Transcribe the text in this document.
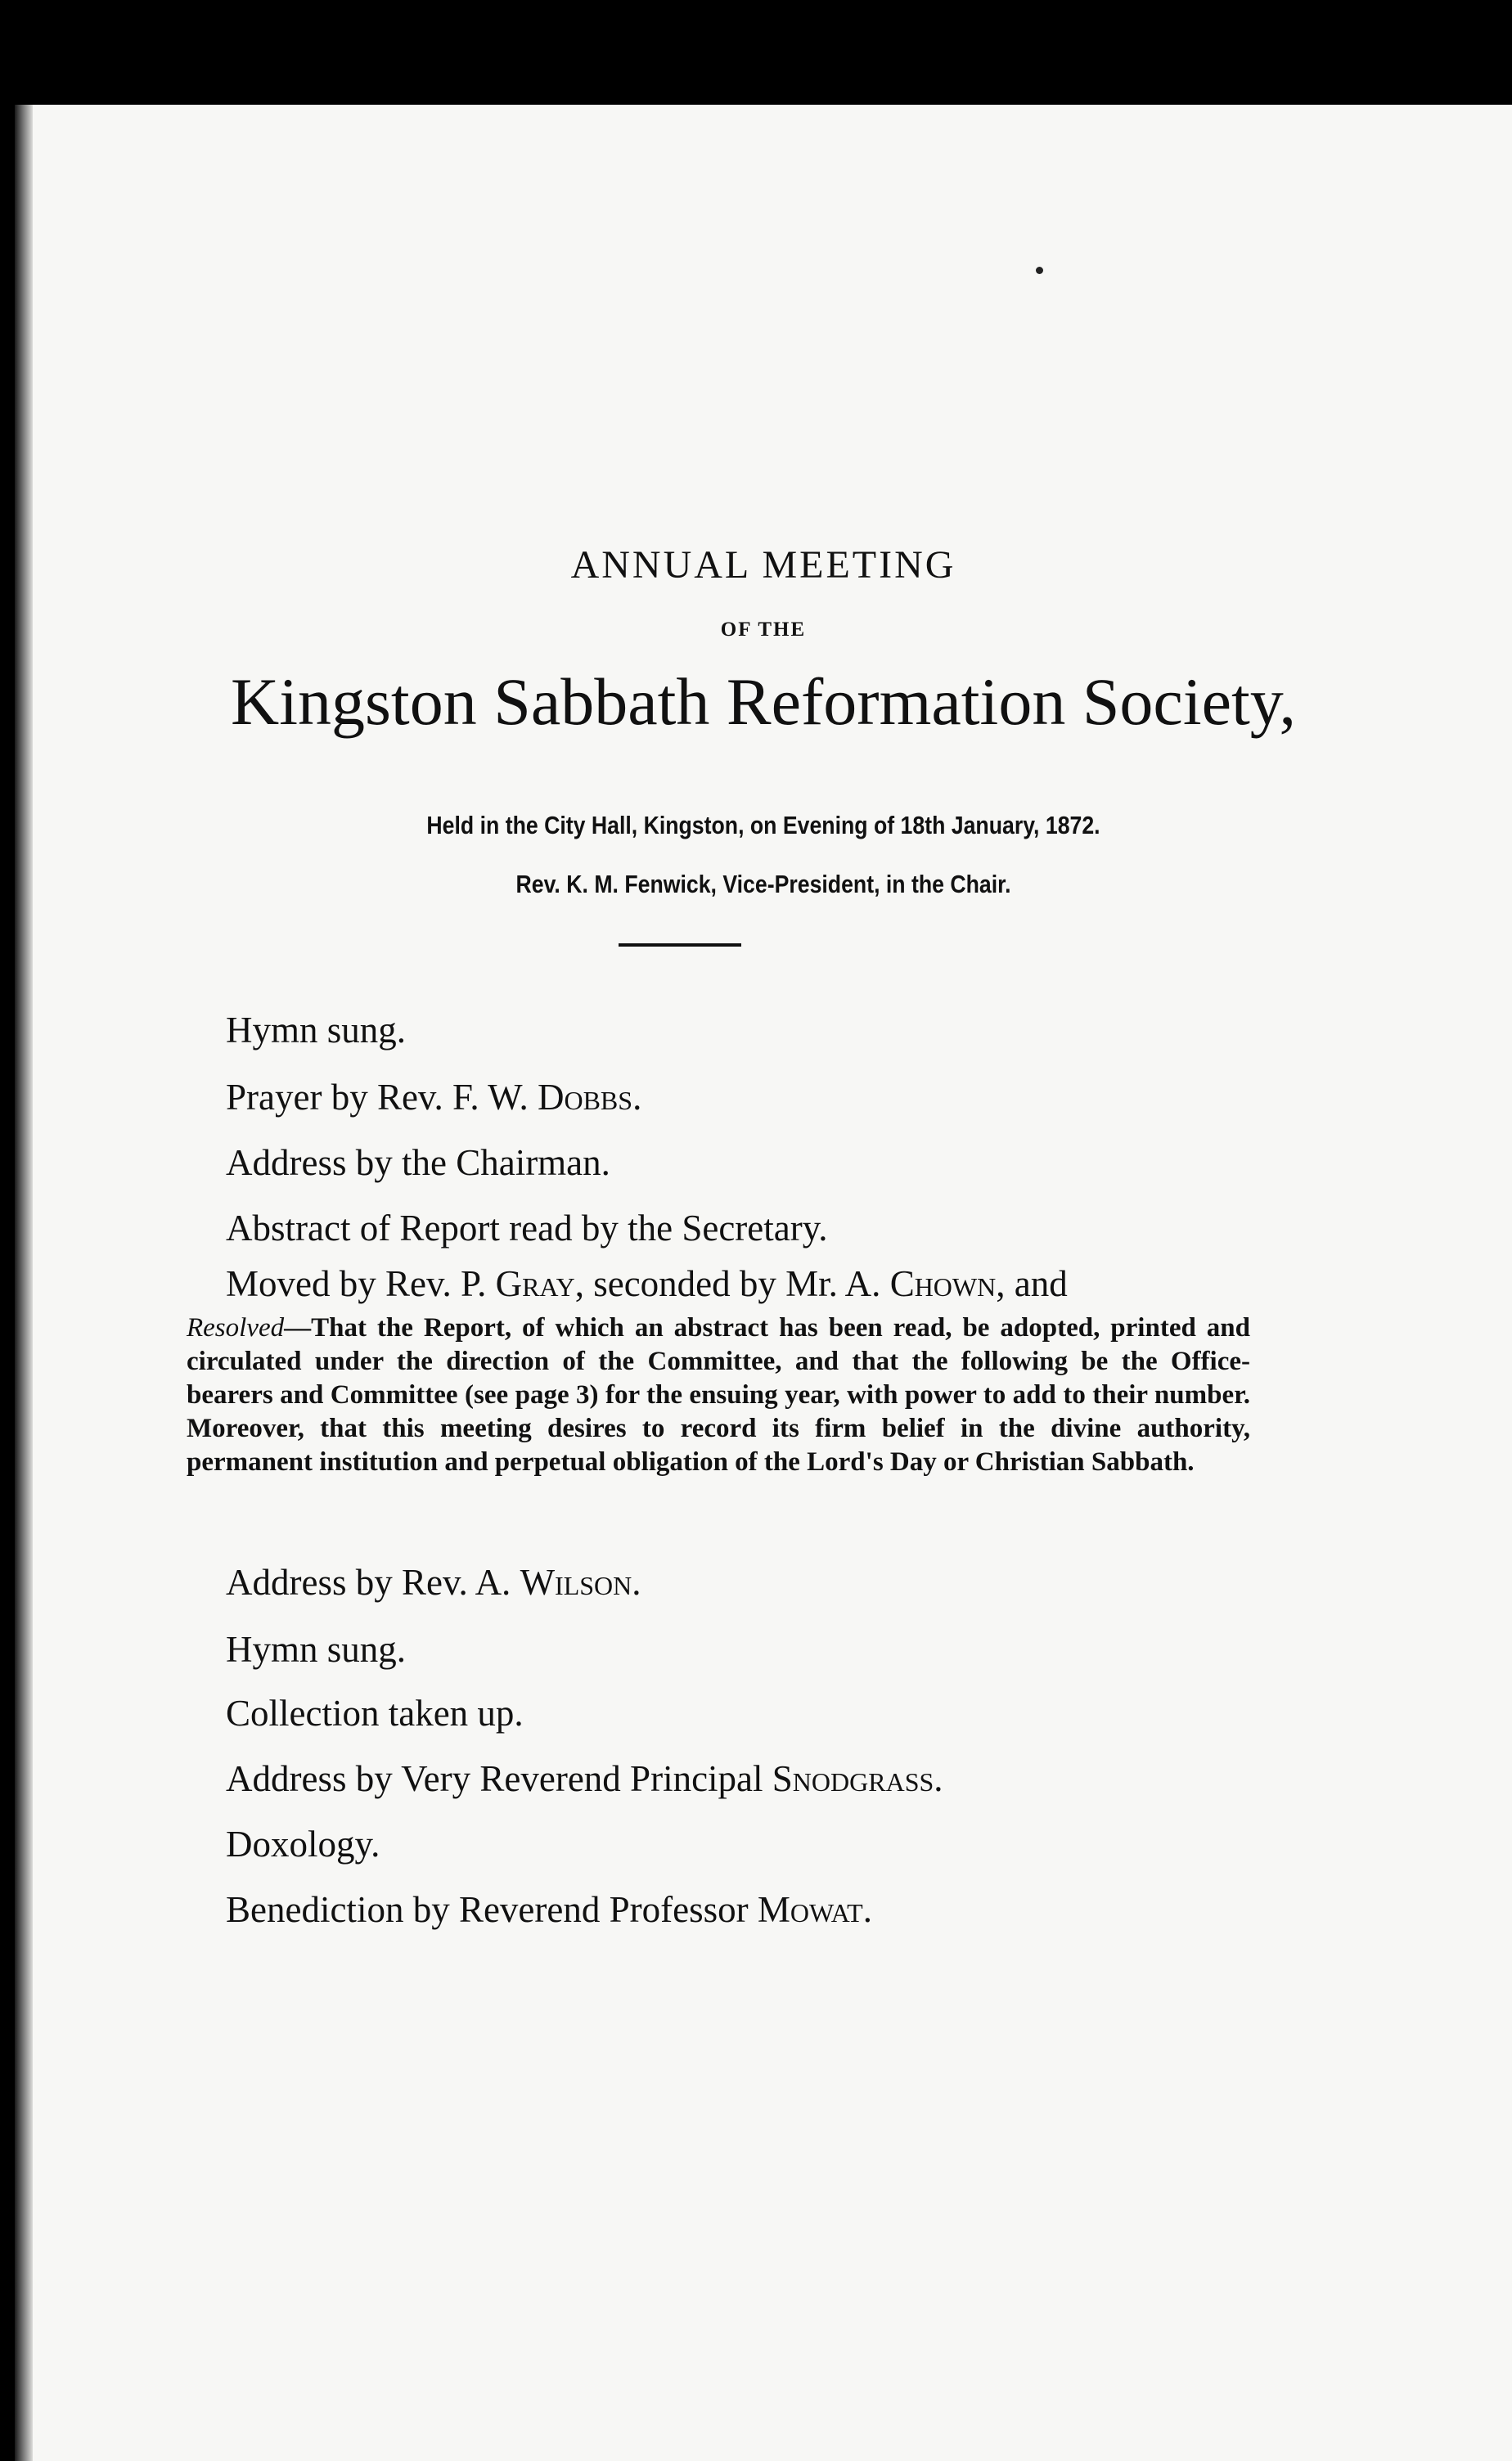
ANNUAL MEETING
OF THE
Kingston Sabbath Reformation Society,
Held in the City Hall, Kingston, on Evening of 18th January, 1872.
Rev. K. M. Fenwick, Vice-President, in the Chair.
Hymn sung.
Prayer by Rev. F. W. Dobbs.
Address by the Chairman.
Abstract of Report read by the Secretary.
Moved by Rev. P. Gray, seconded by Mr. A. Chown, and
Resolved—That the Report, of which an abstract has been read, be adopted, printed and circulated under the direction of the Committee, and that the following be the Office-bearers and Committee (see page 3) for the ensuing year, with power to add to their number. Moreover, that this meeting desires to record its firm belief in the divine authority, permanent institution and perpetual obligation of the Lord's Day or Christian Sabbath.
Address by Rev. A. Wilson.
Hymn sung.
Collection taken up.
Address by Very Reverend Principal Snodgrass.
Doxology.
Benediction by Reverend Professor Mowat.
